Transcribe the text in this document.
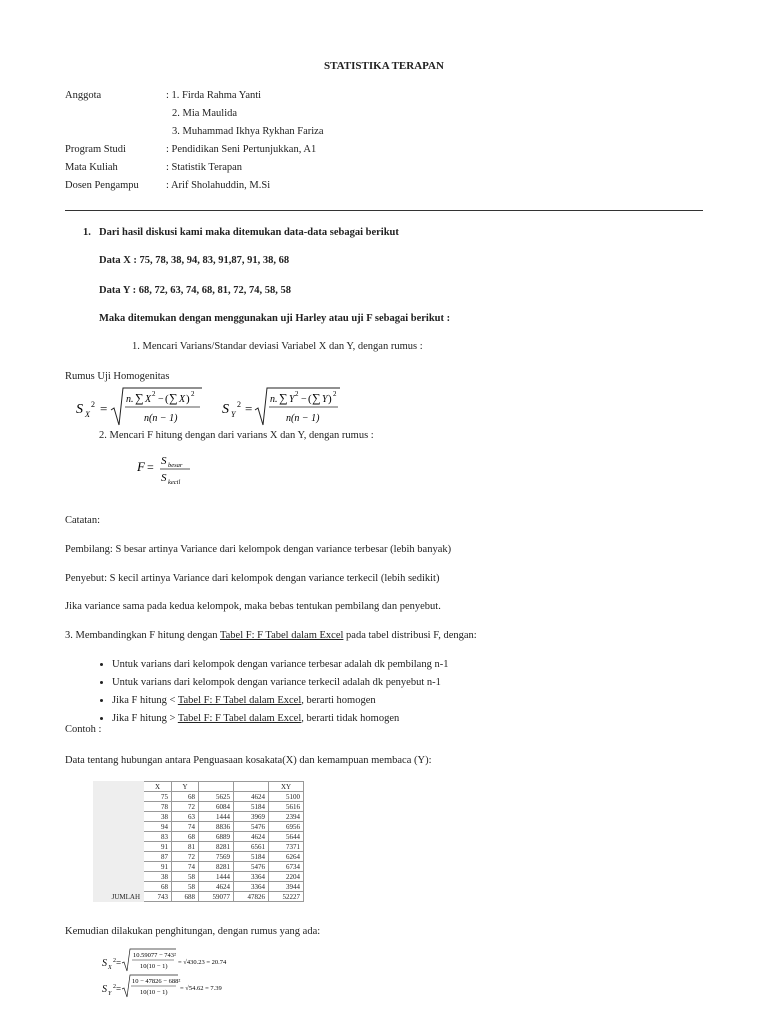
STATISTIKA TERAPAN
Anggota	: 1. Firda Rahma Yanti
2. Mia Maulida
3. Muhammad Ikhya Rykhan Fariza
Program Studi	: Pendidikan Seni Pertunjukkan, A1
Mata Kuliah	: Statistik Terapan
Dosen Pengampu	: Arif Sholahuddin, M.Si
1. Dari hasil diskusi kami maka ditemukan data-data sebagai berikut
Data X : 75, 78, 38, 94, 83, 91,87, 91, 38, 68
Data Y : 68, 72, 63, 74, 68, 81, 72, 74, 58, 58
Maka ditemukan dengan menggunakan uji Harley atau uji F sebagai berikut :
1. Mencari Varians/Standar deviasi Variabel X dan Y, dengan rumus :
Rumus Uji Homogenitas
S X
2 =
n. ∑ X 2 − ( ∑ X ) 2
n(n − 1)
S Y
2 =
n. ∑ Y 2 − ( ∑ Y ) 2
n(n − 1)
2. Mencari F hitung dengan dari varians X dan Y, dengan rumus :
F = S besar
S kecil
Catatan:
Pembilang: S besar artinya Variance dari kelompok dengan variance terbesar (lebih banyak)
Penyebut: S kecil artinya Variance dari kelompok dengan variance terkecil (lebih sedikit)
Jika variance sama pada kedua kelompok, maka bebas tentukan pembilang dan penyebut.
3. Membandingkan F hitung dengan Tabel F: F Tabel dalam Excel pada tabel distribusi F, dengan:
• Untuk varians dari kelompok dengan variance terbesar adalah dk pembilang n-1
• Untuk varians dari kelompok dengan variance terkecil adalah dk penyebut n-1
• Jika F hitung < Tabel F: F Tabel dalam Excel, berarti homogen
• Jika F hitung > Tabel F: F Tabel dalam Excel, berarti tidak homogen
Contoh :
Data tentang hubungan antara Penguasaan kosakata(X) dan kemampuan membaca (Y):
	X	Y			XY
	75	68	5625	4624	5100
	78	72	6084	5184	5616
	38	63	1444	3969	2394
	94	74	8836	5476	6956
	83	68	6889	4624	5644
	91	81	8281	6561	7371
	87	72	7569	5184	6264
	91	74	8281	5476	6734
	38	58	1444	3364	2204
	68	58	4624	3364	3944
JUMLAH	743	688	59077	47826	52227
Kemudian dilakukan penghitungan, dengan rumus yang ada:
S X
2 =
10.59077 − 743²
10(10 − 1)
= √430.23 = 20.74
S Y
2 =
10 − 47826 − 688²
10(10 − 1)
= √54.62 = 7.39
